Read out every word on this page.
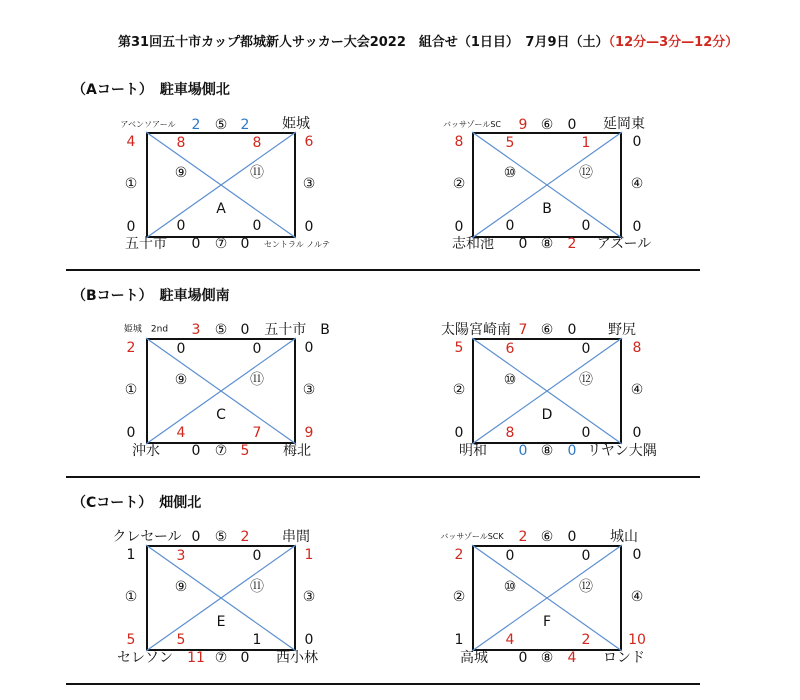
第31回五十市カップ都城新人サッカー大会2022　組合せ（1日目）　7月9日（土）（12分—3分—12分）
（Aコート）　駐車場側北
アベンソアール 2 ⑤ 2 姫城
4	8	8	6
①
⑨	⑪
③
A
0	0	0	0
五十市 0 ⑦ 0 セントラル ノルテ
バッサゾールSC 9 ⑥ 0 延岡東
8	5	1	0
②
⑩	⑫
④
B
0	0	0	0
志和池 0 ⑧ 2 アズール
（Bコート）　駐車場側南
姫城　2nd 3 ⑤ 0 五十市　B
2	0	0	0
①
⑨	⑪
③
C
0	4	7	9
沖水 0 ⑦ 5 梅北
太陽宮崎南 7 ⑥ 0 野尻
5	6	0	8
②
⑩	⑫
④
D
0	8	0	0
明和 0 ⑧ 0 リヤン大隅
（Cコート）　畑側北
クレセール 0 ⑤ 2 串間
1	3	0	1
①
⑨	⑪
③
E
5	5	1	0
セレソン 11 ⑦ 0 西小林
バッサゾールSCK 2 ⑥ 0 城山
2	0	0	0
②
⑩	⑫
④
F
1	4	2	10
高城 0 ⑧ 4 ロンド
